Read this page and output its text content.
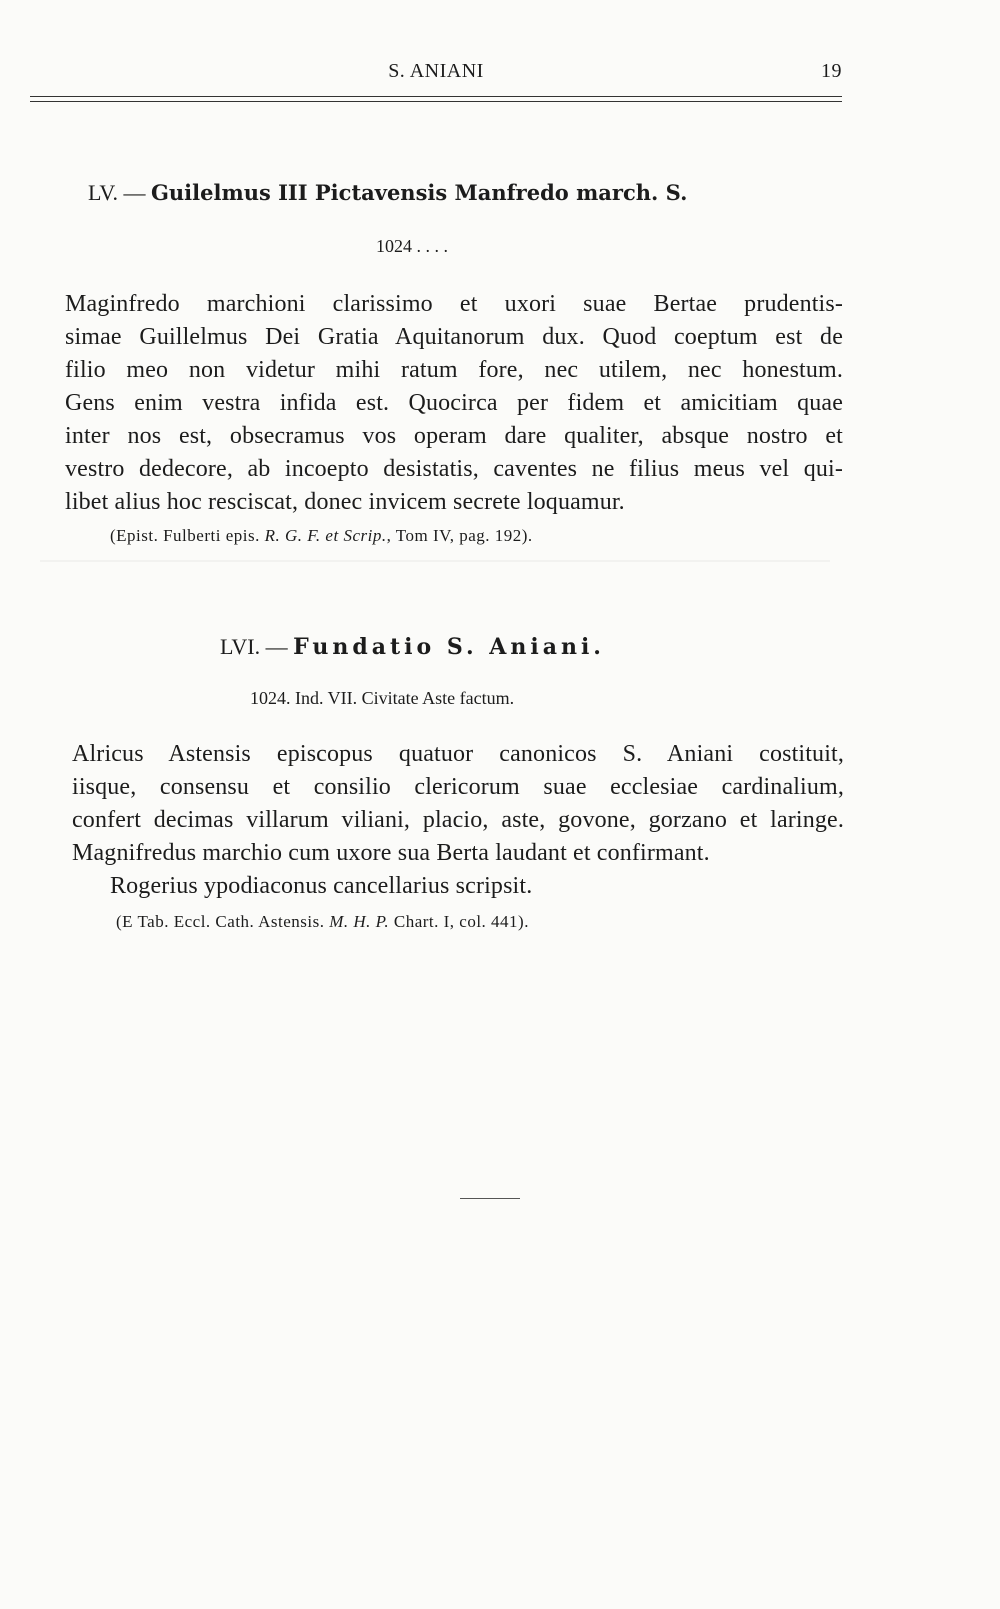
S. ANIANI	19
LV. — Guilelmus III Pictavensis Manfredo march. S.
1024 . . . .
Maginfredo marchioni clarissimo et uxori suae Bertae prudentis-
simae Guillelmus Dei Gratia Aquitanorum dux. Quod coeptum est de
filio meo non videtur mihi ratum fore, nec utilem, nec honestum.
Gens enim vestra infida est. Quocirca per fidem et amicitiam quae
inter nos est, obsecramus vos operam dare qualiter, absque nostro et
vestro dedecore, ab incoepto desistatis, caventes ne filius meus vel qui-
libet alius hoc resciscat, donec invicem secrete loquamur.
(Epist. Fulberti epis. R. G. F. et Scrip., Tom IV, pag. 192).
LVI. — Fundatio S. Aniani.
1024. Ind. VII. Civitate Aste factum.
Alricus Astensis episcopus quatuor canonicos S. Aniani costituit,
iisque, consensu et consilio clericorum suae ecclesiae cardinalium,
confert decimas villarum viliani, placio, aste, govone, gorzano et laringe.
Magnifredus marchio cum uxore sua Berta laudant et confirmant.
Rogerius ypodiaconus cancellarius scripsit.
(E Tab. Eccl. Cath. Astensis. M. H. P. Chart. I, col. 441).
